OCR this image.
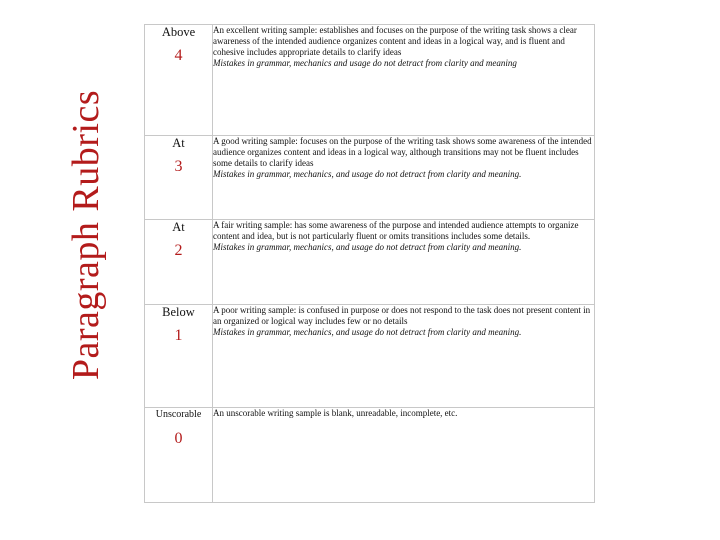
Paragraph Rubrics
Above
4	An excellent writing sample: establishes and focuses on the purpose of the writing task shows a clear awareness of the intended audience organizes content and ideas in a logical way, and is fluent and cohesive includes appropriate details to clarify ideas
Mistakes in grammar, mechanics and usage do not detract from clarity and meaning

At
3	A good writing sample: focuses on the purpose of the writing task shows some awareness of the intended audience organizes content and ideas in a logical way, although transitions may not be fluent includes some details to clarify ideas
Mistakes in grammar, mechanics, and usage do not detract from clarity and meaning.

At
2	A fair writing sample: has some awareness of the purpose and intended audience attempts to organize content and idea, but is not particularly fluent or omits transitions includes some details.
Mistakes in grammar, mechanics, and usage do not detract from clarity and meaning.

Below
1	A poor writing sample: is confused in purpose or does not respond to the task does not present content in an organized or logical way includes few or no details
Mistakes in grammar, mechanics, and usage do not detract from clarity and meaning.

Unscorable
0	An unscorable writing sample is blank, unreadable, incomplete, etc.
